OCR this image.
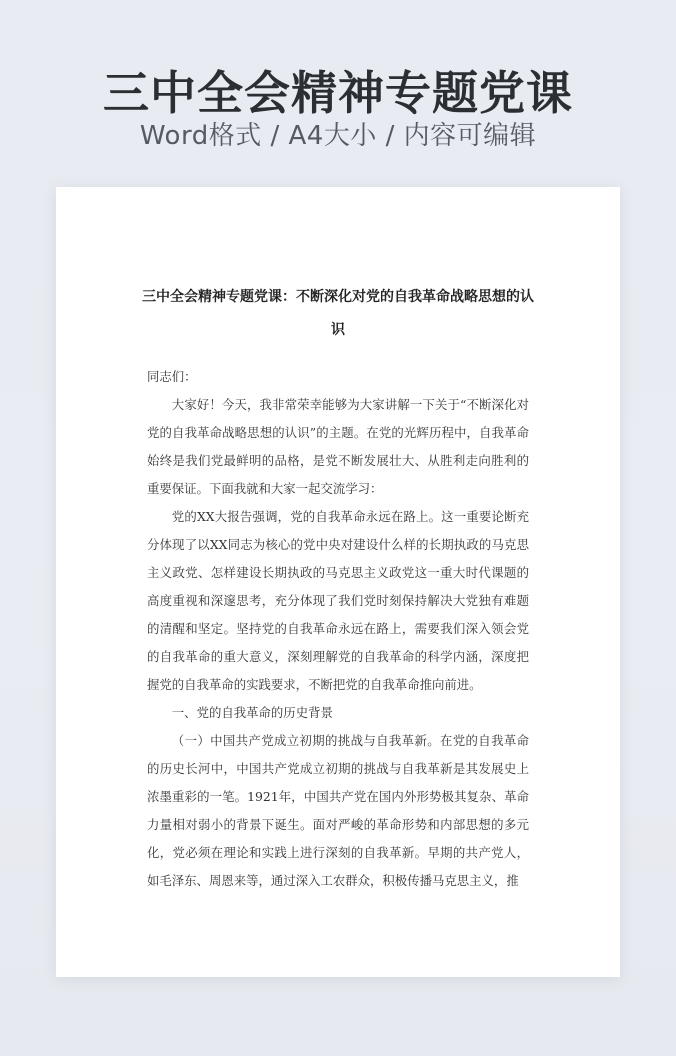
三中全会精神专题党课
Word格式 / A4大小 / 内容可编辑
三中全会精神专题党课：不断深化对党的自我革命战略思想的认识

同志们：

大家好！今天，我非常荣幸能够为大家讲解一下关于“不断深化对党的自我革命战略思想的认识”的主题。在党的光辉历程中，自我革命始终是我们党最鲜明的品格，是党不断发展壮大、从胜利走向胜利的重要保证。下面我就和大家一起交流学习：

党的XX大报告强调，党的自我革命永远在路上。这一重要论断充分体现了以XX同志为核心的党中央对建设什么样的长期执政的马克思主义政党、怎样建设长期执政的马克思主义政党这一重大时代课题的高度重视和深邃思考，充分体现了我们党时刻保持解决大党独有难题的清醒和坚定。坚持党的自我革命永远在路上，需要我们深入领会党的自我革命的重大意义，深刻理解党的自我革命的科学内涵，深度把握党的自我革命的实践要求，不断把党的自我革命推向前进。

一、党的自我革命的历史背景

（一）中国共产党成立初期的挑战与自我革新。在党的自我革命的历史长河中，中国共产党成立初期的挑战与自我革新是其发展史上浓墨重彩的一笔。1921年，中国共产党在国内外形势极其复杂、革命力量相对弱小的背景下诞生。面对严峻的革命形势和内部思想的多元化，党必须在理论和实践上进行深刻的自我革新。早期的共产党人，如毛泽东、周恩来等，通过深入工农群众，积极传播马克思主义，推
